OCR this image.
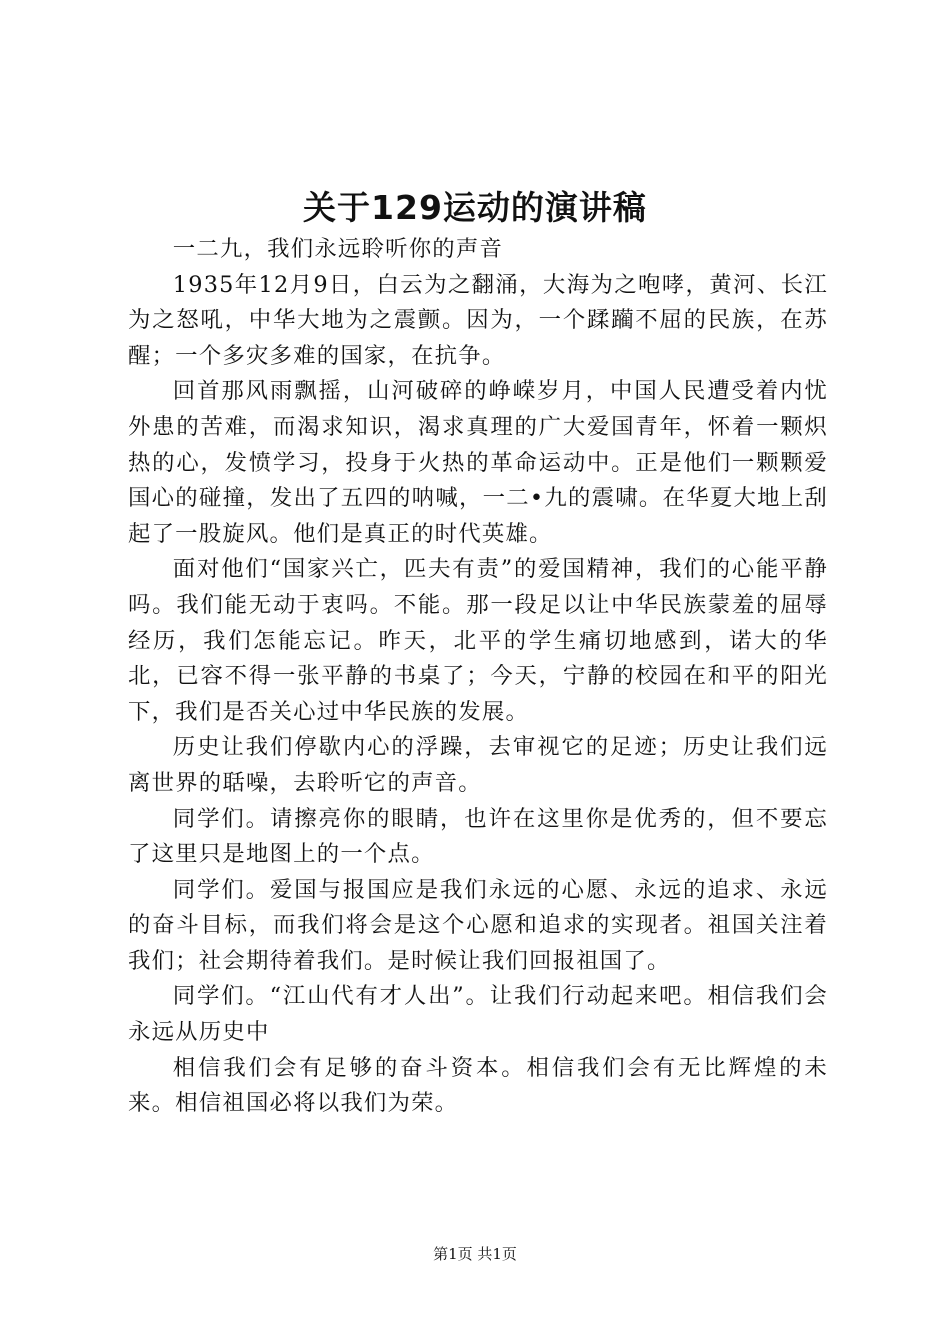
关于129运动的演讲稿

一二九，我们永远聆听你的声音

1935年12月9日，白云为之翻涌，大海为之咆哮，黄河、长江为之怒吼，中华大地为之震颤。因为，一个蹂躏不屈的民族，在苏醒；一个多灾多难的国家，在抗争。

回首那风雨飘摇，山河破碎的峥嵘岁月，中国人民遭受着内忧外患的苦难，而渴求知识，渴求真理的广大爱国青年，怀着一颗炽热的心，发愤学习，投身于火热的革命运动中。正是他们一颗颗爱国心的碰撞，发出了五四的呐喊，一二•九的震啸。在华夏大地上刮起了一股旋风。他们是真正的时代英雄。

面对他们“国家兴亡，匹夫有责”的爱国精神，我们的心能平静吗。我们能无动于衷吗。不能。那一段足以让中华民族蒙羞的屈辱经历，我们怎能忘记。昨天，北平的学生痛切地感到，诺大的华北，已容不得一张平静的书桌了；今天，宁静的校园在和平的阳光下，我们是否关心过中华民族的发展。

历史让我们停歇内心的浮躁，去审视它的足迹；历史让我们远离世界的聒噪，去聆听它的声音。

同学们。请擦亮你的眼睛，也许在这里你是优秀的，但不要忘了这里只是地图上的一个点。

同学们。爱国与报国应是我们永远的心愿、永远的追求、永远的奋斗目标，而我们将会是这个心愿和追求的实现者。祖国关注着我们；社会期待着我们。是时候让我们回报祖国了。

同学们。“江山代有才人出”。让我们行动起来吧。相信我们会永远从历史中

相信我们会有足够的奋斗资本。相信我们会有无比辉煌的未来。相信祖国必将以我们为荣。

第1页 共1页
